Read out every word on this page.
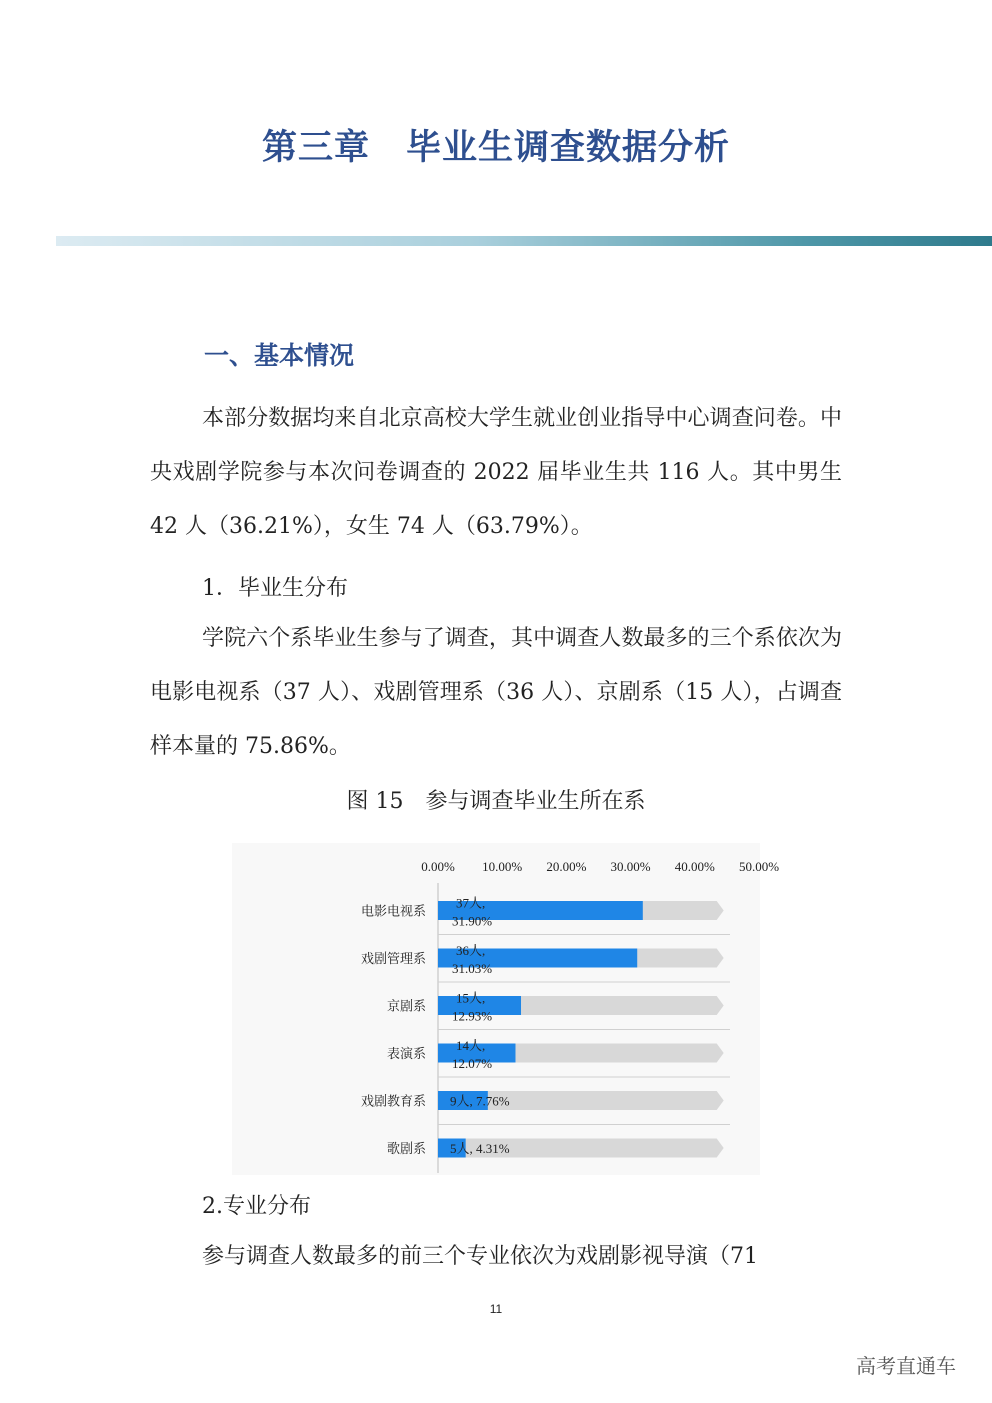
第三章　毕业生调查数据分析
一、基本情况

本部分数据均来自北京高校大学生就业创业指导中心调查问卷。中央戏剧学院参与本次问卷调查的 2022 届毕业生共 116 人。其中男生 42 人（36.21%），女生 74 人（63.79%）。

1．毕业生分布

学院六个系毕业生参与了调查，其中调查人数最多的三个系依次为电影电视系（37 人）、戏剧管理系（36 人）、京剧系（15 人），占调查样本量的 75.86%。

图 15　参与调查毕业生所在系
0.00% 10.00% 20.00% 30.00% 40.00% 50.00%
电影电视系
37人,
31.90%
戏剧管理系
36人,
31.03%
京剧系
15人,
12.93%
表演系
14人,
12.07%
戏剧教育系 9人, 7.76%
歌剧系 5人, 4.31%
2.专业分布

参与调查人数最多的前三个专业依次为戏剧影视导演（71

11
高考直通车
